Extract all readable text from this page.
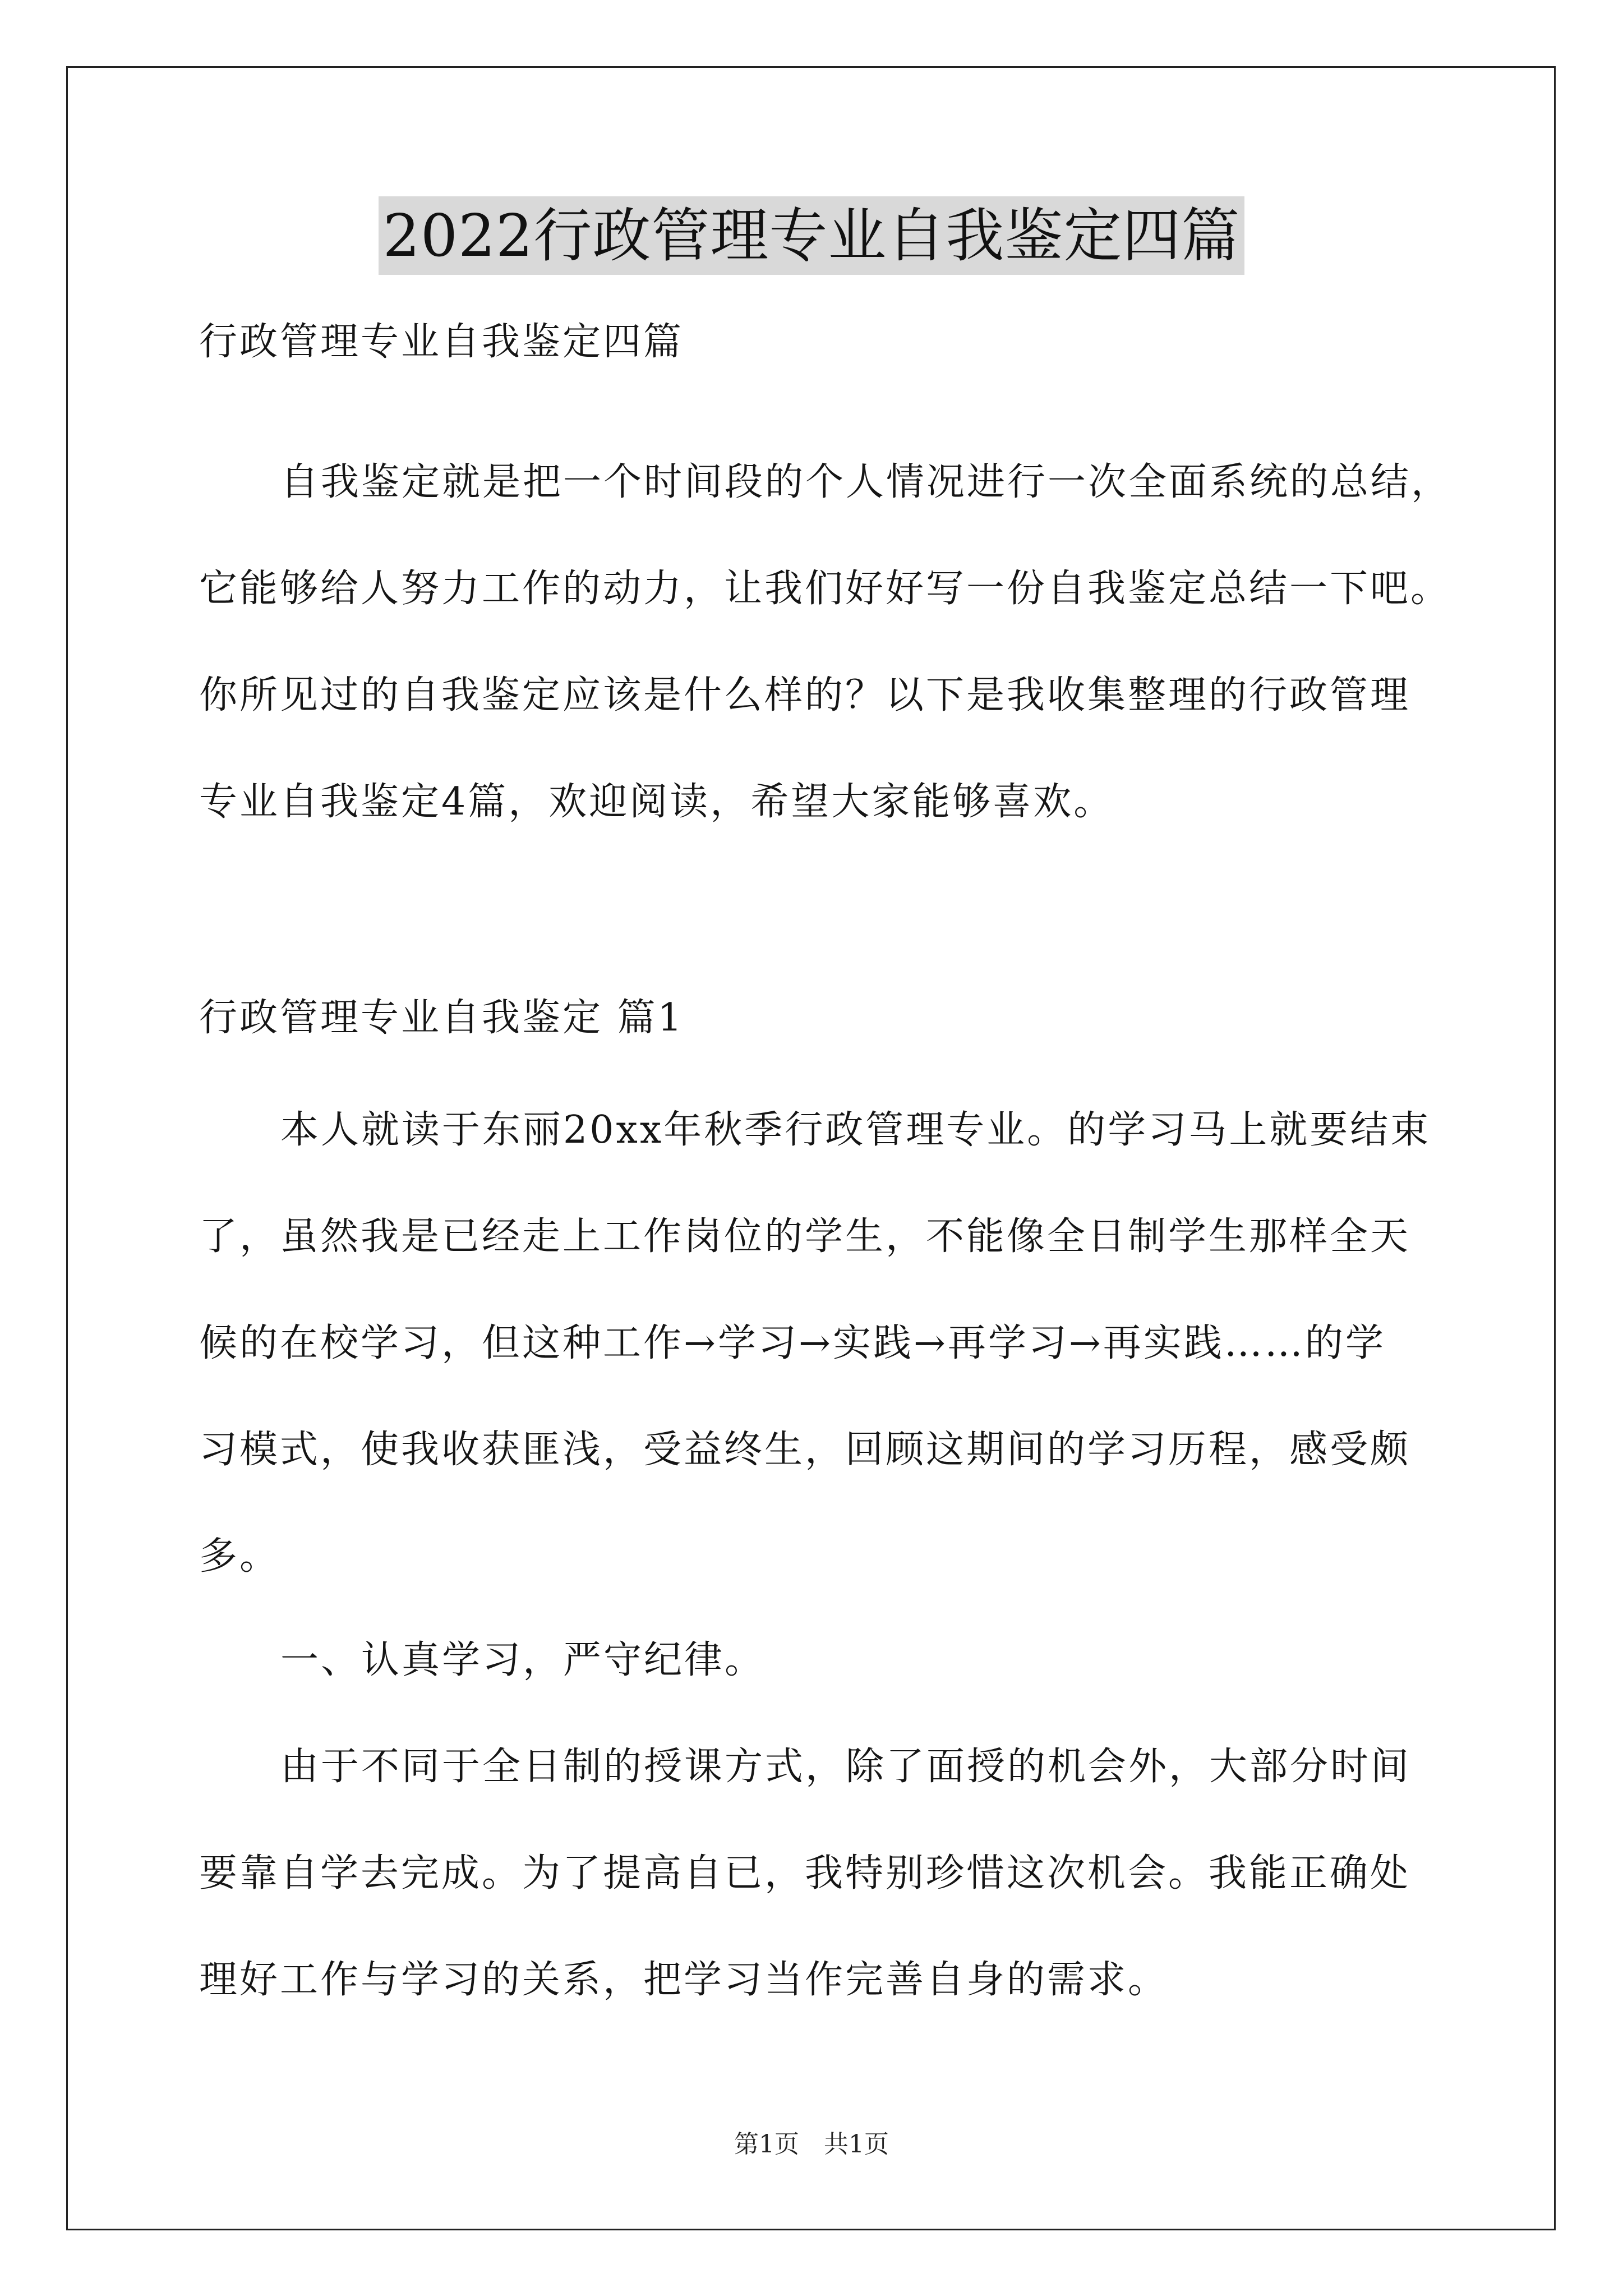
2022行政管理专业自我鉴定四篇
行政管理专业自我鉴定四篇
自我鉴定就是把一个时间段的个人情况进行一次全面系统的总结，
它能够给人努力工作的动力，让我们好好写一份自我鉴定总结一下吧。
你所见过的自我鉴定应该是什么样的？以下是我收集整理的行政管理
专业自我鉴定4篇，欢迎阅读，希望大家能够喜欢。
行政管理专业自我鉴定 篇1
本人就读于东丽20xx年秋季行政管理专业。的学习马上就要结束
了，虽然我是已经走上工作岗位的学生，不能像全日制学生那样全天
候的在校学习，但这种工作→学习→实践→再学习→再实践……的学
习模式，使我收获匪浅，受益终生，回顾这期间的学习历程，感受颇
多。
一、认真学习，严守纪律。
由于不同于全日制的授课方式，除了面授的机会外，大部分时间
要靠自学去完成。为了提高自已，我特别珍惜这次机会。我能正确处
理好工作与学习的关系，把学习当作完善自身的需求。
第1页　共1页
